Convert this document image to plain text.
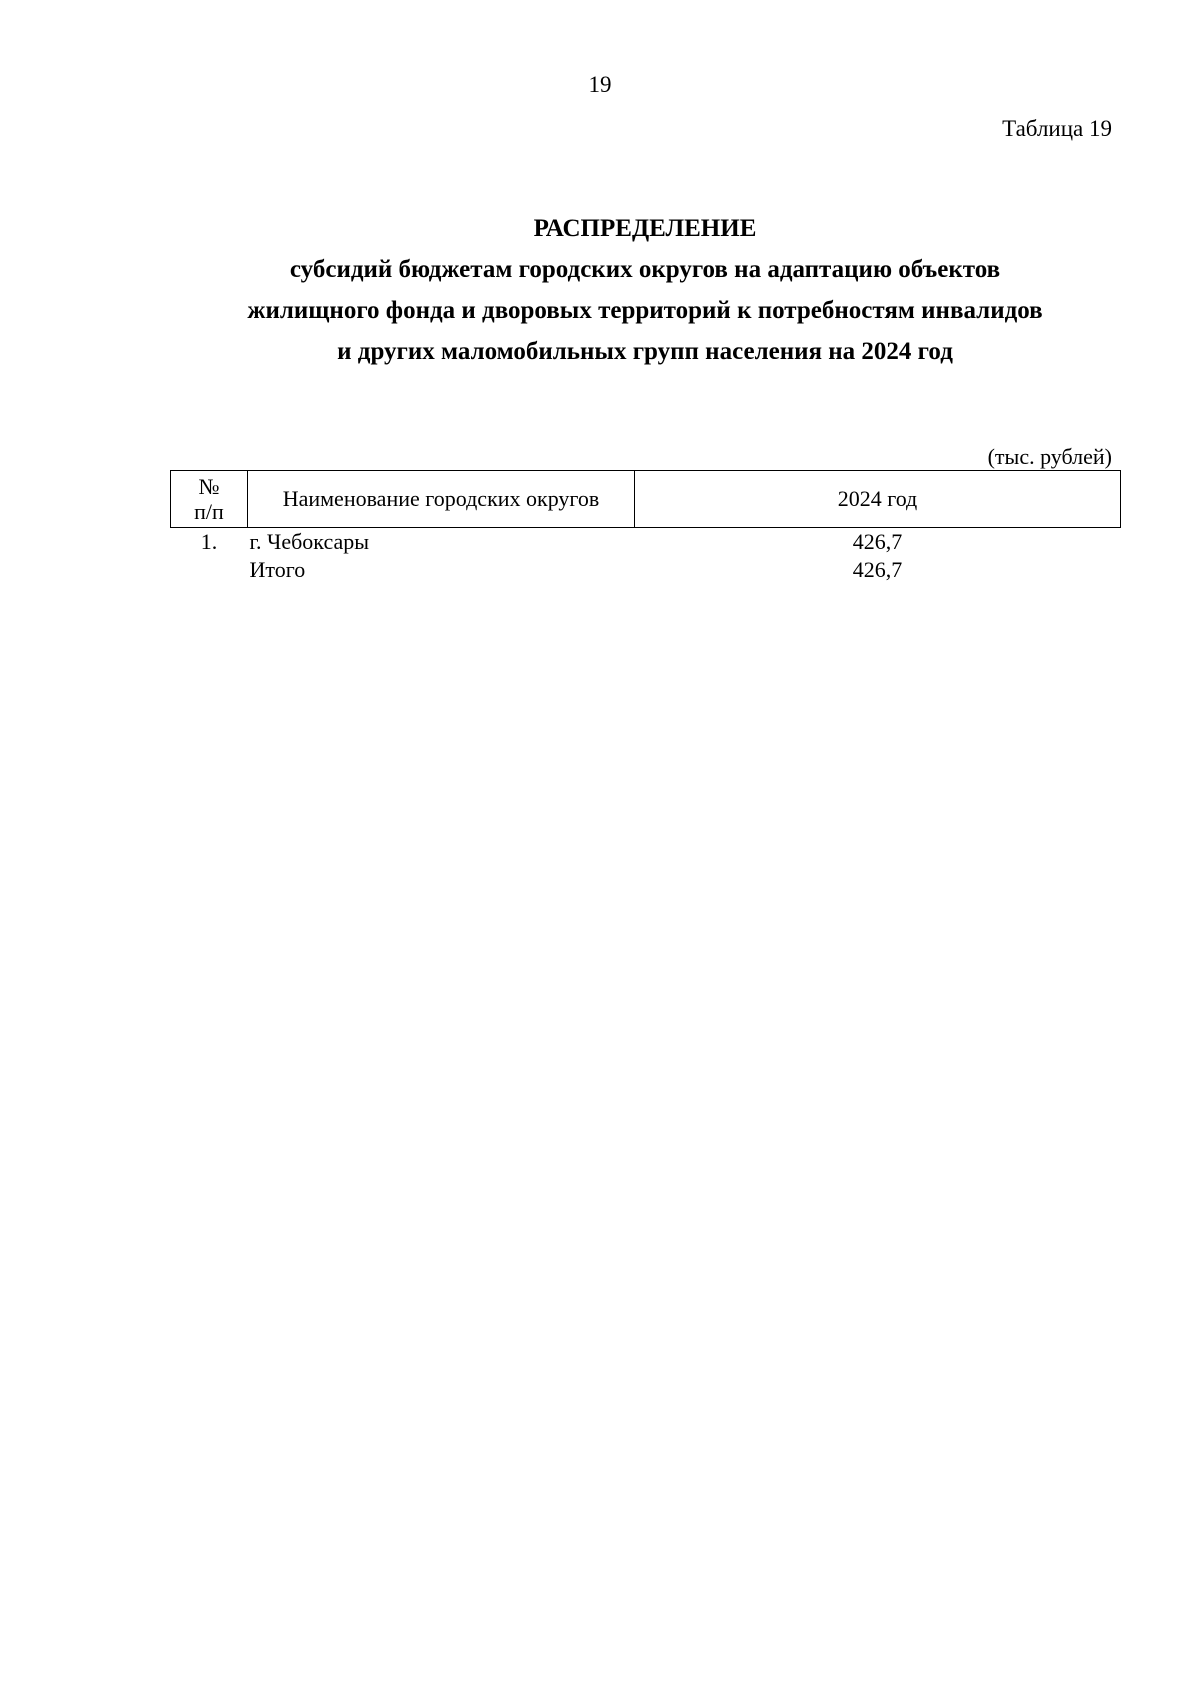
19
Таблица 19
РАСПРЕДЕЛЕНИЕ
субсидий бюджетам городских округов на адаптацию объектов
жилищного фонда и дворовых территорий к потребностям инвалидов
и других маломобильных групп населения на 2024 год
(тыс. рублей)
№
п/п	Наименование городских округов	2024 год
1.	г. Чебоксары	426,7
	Итого	426,7
